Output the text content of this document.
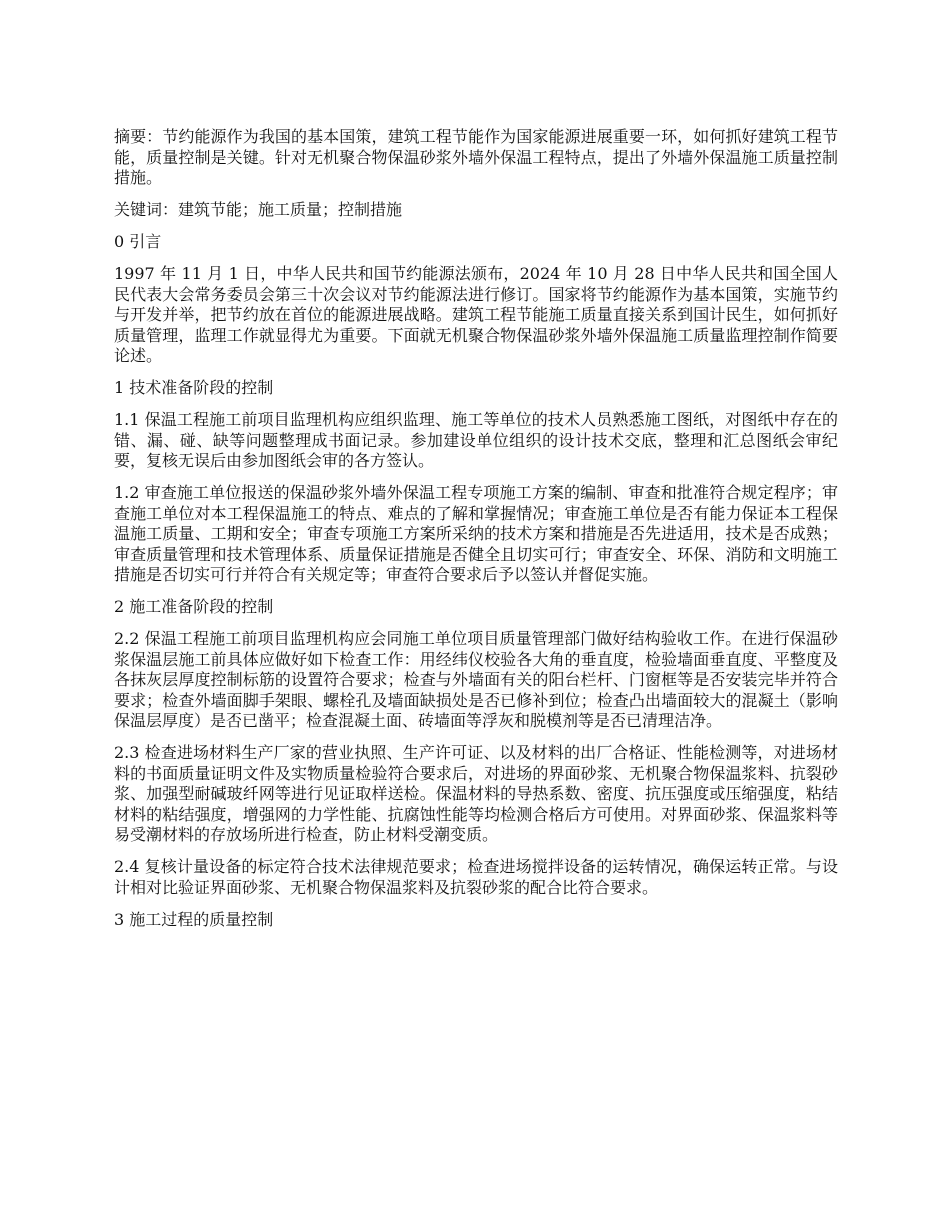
摘要：节约能源作为我国的基本国策，建筑工程节能作为国家能源进展重要一环，如何抓好建筑工程节能，质量控制是关键。针对无机聚合物保温砂浆外墙外保温工程特点，提出了外墙外保温施工质量控制措施。

关键词：建筑节能；施工质量；控制措施

0 引言

1997 年 11 月 1 日，中华人民共和国节约能源法颁布，2024 年 10 月 28 日中华人民共和国全国人民代表大会常务委员会第三十次会议对节约能源法进行修订。国家将节约能源作为基本国策，实施节约与开发并举，把节约放在首位的能源进展战略。建筑工程节能施工质量直接关系到国计民生，如何抓好质量管理，监理工作就显得尤为重要。下面就无机聚合物保温砂浆外墙外保温施工质量监理控制作简要论述。

1 技术准备阶段的控制

1.1 保温工程施工前项目监理机构应组织监理、施工等单位的技术人员熟悉施工图纸，对图纸中存在的错、漏、碰、缺等问题整理成书面记录。参加建设单位组织的设计技术交底，整理和汇总图纸会审纪要，复核无误后由参加图纸会审的各方签认。

1.2 审查施工单位报送的保温砂浆外墙外保温工程专项施工方案的编制、审查和批准符合规定程序；审查施工单位对本工程保温施工的特点、难点的了解和掌握情况；审查施工单位是否有能力保证本工程保温施工质量、工期和安全；审查专项施工方案所采纳的技术方案和措施是否先进适用，技术是否成熟；审查质量管理和技术管理体系、质量保证措施是否健全且切实可行；审查安全、环保、消防和文明施工措施是否切实可行并符合有关规定等；审查符合要求后予以签认并督促实施。

2 施工准备阶段的控制

2.2 保温工程施工前项目监理机构应会同施工单位项目质量管理部门做好结构验收工作。在进行保温砂浆保温层施工前具体应做好如下检查工作：用经纬仪校验各大角的垂直度，检验墙面垂直度、平整度及各抹灰层厚度控制标筋的设置符合要求；检查与外墙面有关的阳台栏杆、门窗框等是否安装完毕并符合要求；检查外墙面脚手架眼、螺栓孔及墙面缺损处是否已修补到位；检查凸出墙面较大的混凝土（影响保温层厚度）是否已凿平；检查混凝土面、砖墙面等浮灰和脱模剂等是否已清理洁净。

2.3 检查进场材料生产厂家的营业执照、生产许可证、以及材料的出厂合格证、性能检测等，对进场材料的书面质量证明文件及实物质量检验符合要求后，对进场的界面砂浆、无机聚合物保温浆料、抗裂砂浆、加强型耐碱玻纤网等进行见证取样送检。保温材料的导热系数、密度、抗压强度或压缩强度，粘结材料的粘结强度，增强网的力学性能、抗腐蚀性能等均检测合格后方可使用。对界面砂浆、保温浆料等易受潮材料的存放场所进行检查，防止材料受潮变质。

2.4 复核计量设备的标定符合技术法律规范要求；检查进场搅拌设备的运转情况，确保运转正常。与设计相对比验证界面砂浆、无机聚合物保温浆料及抗裂砂浆的配合比符合要求。

3 施工过程的质量控制
